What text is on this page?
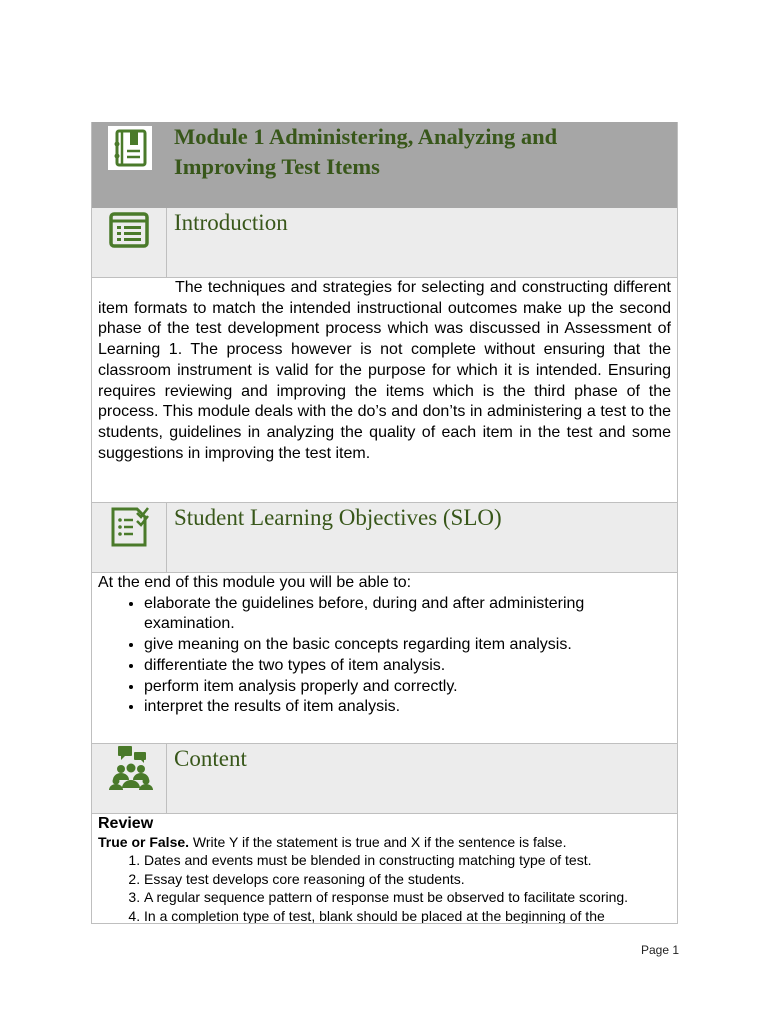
Module 1 Administering, Analyzing and
Improving Test Items
Introduction

The techniques and strategies for selecting and constructing different item formats to match the intended instructional outcomes make up the second phase of the test development process which was discussed in Assessment of Learning 1. The process however is not complete without ensuring that the classroom instrument is valid for the purpose for which it is intended. Ensuring requires reviewing and improving the items which is the third phase of the process. This module deals with the do’s and don’ts in administering a test to the students, guidelines in analyzing the quality of each item in the test and some suggestions in improving the test item.

Student Learning Objectives (SLO)

At the end of this module you will be able to:

• elaborate the guidelines before, during and after administering examination.
• give meaning on the basic concepts regarding item analysis.
• differentiate the two types of item analysis.
• perform item analysis properly and correctly.
• interpret the results of item analysis.
Content

Review

True or False. Write Y if the statement is true and X if the sentence is false.

1. Dates and events must be blended in constructing matching type of test.
2. Essay test develops core reasoning of the students.
3. A regular sequence pattern of response must be observed to facilitate scoring.
4. In a completion type of test, blank should be placed at the beginning of the
Page 1
